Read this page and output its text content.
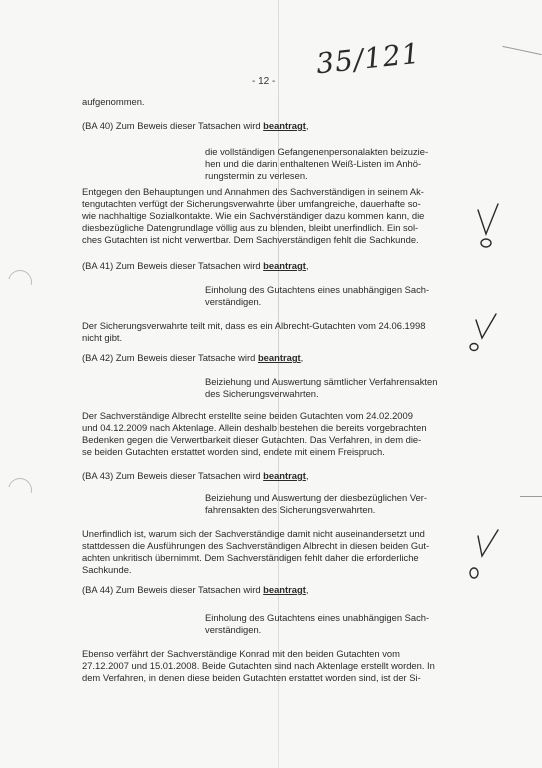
35/121
- 12 -
aufgenommen.
(BA 40) Zum Beweis dieser Tatsachen wird beantragt,
die vollständigen Gefangenenpersonalakten beizuzie-
hen und die darin enthaltenen Weiß-Listen im Anhö-
rungstermin zu verlesen.
Entgegen den Behauptungen und Annahmen des Sachverständigen in seinem Ak-
tengutachten verfügt der Sicherungsverwahrte über umfangreiche, dauerhafte so-
wie nachhaltige Sozialkontakte. Wie ein Sachverständiger dazu kommen kann, die
diesbezügliche Datengrundlage völlig aus zu blenden, bleibt unerfindlich. Ein sol-
ches Gutachten ist nicht verwertbar. Dem Sachverständigen fehlt die Sachkunde.
(BA 41) Zum Beweis dieser Tatsachen wird beantragt,
Einholung des Gutachtens eines unabhängigen Sach-
verständigen.
Der Sicherungsverwahrte teilt mit, dass es ein Albrecht-Gutachten vom 24.06.1998
nicht gibt.
(BA 42) Zum Beweis dieser Tatsache wird beantragt,
Beiziehung und Auswertung sämtlicher Verfahrensakten
des Sicherungsverwahrten.
Der Sachverständige Albrecht erstellte seine beiden Gutachten vom 24.02.2009
und 04.12.2009 nach Aktenlage. Allein deshalb bestehen die bereits vorgebrachten
Bedenken gegen die Verwertbarkeit dieser Gutachten. Das Verfahren, in dem die-
se beiden Gutachten erstattet worden sind, endete mit einem Freispruch.
(BA 43) Zum Beweis dieser Tatsachen wird beantragt,
Beiziehung und Auswertung der diesbezüglichen Ver-
fahrensakten des Sicherungsverwahrten.
Unerfindlich ist, warum sich der Sachverständige damit nicht auseinandersetzt und
stattdessen die Ausführungen des Sachverständigen Albrecht in diesen beiden Gut-
achten unkritisch übernimmt. Dem Sachverständigen fehlt daher die erforderliche
Sachkunde.
(BA 44) Zum Beweis dieser Tatsachen wird beantragt,
Einholung des Gutachtens eines unabhängigen Sach-
verständigen.
Ebenso verfährt der Sachverständige Konrad mit den beiden Gutachten vom
27.12.2007 und 15.01.2008. Beide Gutachten sind nach Aktenlage erstellt worden. In
dem Verfahren, in denen diese beiden Gutachten erstattet worden sind, ist der Si-
